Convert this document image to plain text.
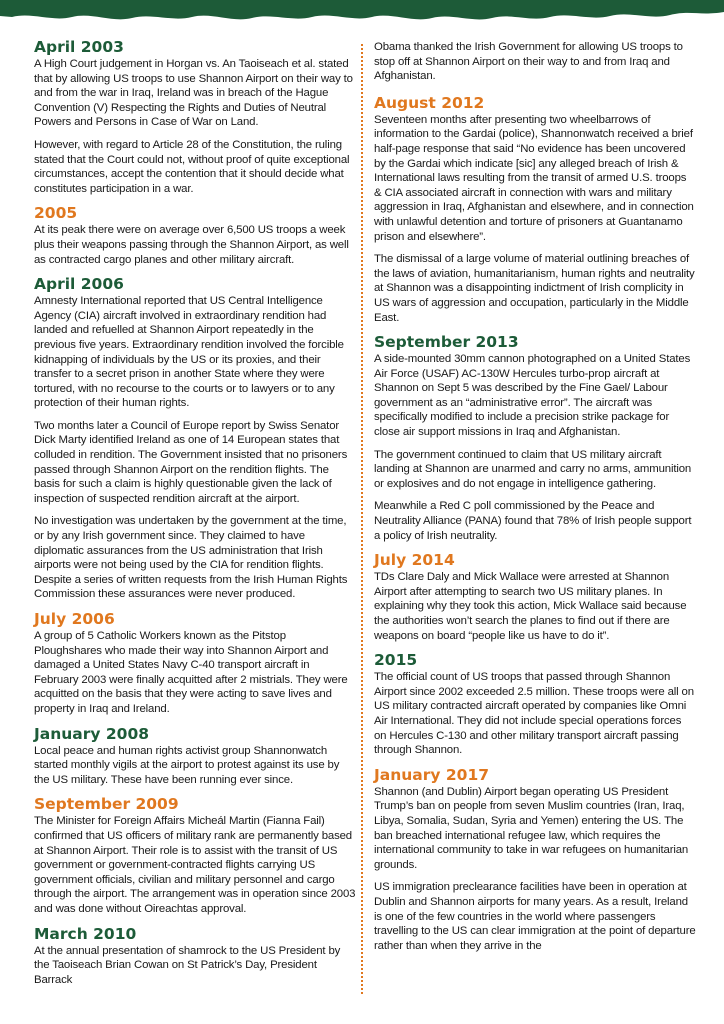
April 2003

A High Court judgement in Horgan vs. An Taoiseach et al. stated that by allowing US troops to use Shannon Airport on their way to and from the war in Iraq, Ireland was in breach of the Hague Convention (V) Respecting the Rights and Duties of Neutral Powers and Persons in Case of War on Land.

However, with regard to Article 28 of the Constitution, the ruling stated that the Court could not, without proof of quite exceptional circumstances, accept the contention that it should decide what constitutes participation in a war.

2005

At its peak there were on average over 6,500 US troops a week plus their weapons passing through the Shannon Airport, as well as contracted cargo planes and other military aircraft.

April 2006

Amnesty International reported that US Central Intelligence Agency (CIA) aircraft involved in extraordinary rendition had landed and refuelled at Shannon Airport repeatedly in the previous five years. Extraordinary rendition involved the forcible kidnapping of individuals by the US or its proxies, and their transfer to a secret prison in another State where they were tortured, with no recourse to the courts or to lawyers or to any protection of their human rights.

Two months later a Council of Europe report by Swiss Senator Dick Marty identified Ireland as one of 14 European states that colluded in rendition. The Government insisted that no prisoners passed through Shannon Airport on the rendition flights. The basis for such a claim is highly questionable given the lack of inspection of suspected rendition aircraft at the airport.

No investigation was undertaken by the government at the time, or by any Irish government since. They claimed to have diplomatic assurances from the US administration that Irish airports were not being used by the CIA for rendition flights. Despite a series of written requests from the Irish Human Rights Commission these assurances were never produced.

July 2006

A group of 5 Catholic Workers known as the Pitstop Ploughshares who made their way into Shannon Airport and damaged a United States Navy C-40 transport aircraft in February 2003 were finally acquitted after 2 mistrials. They were acquitted on the basis that they were acting to save lives and property in Iraq and Ireland.

January 2008

Local peace and human rights activist group Shannonwatch started monthly vigils at the airport to protest against its use by the US military. These have been running ever since.

September 2009

The Minister for Foreign Affairs Micheál Martin (Fianna Fail) confirmed that US officers of military rank are permanently based at Shannon Airport. Their role is to assist with the transit of US government or government-contracted flights carrying US government officials, civilian and military personnel and cargo through the airport. The arrangement was in operation since 2003 and was done without Oireachtas approval.

March 2010

At the annual presentation of shamrock to the US President by the Taoiseach Brian Cowan on St Patrick’s Day, President Barrack

Obama thanked the Irish Government for allowing US troops to stop off at Shannon Airport on their way to and from Iraq and Afghanistan.

August 2012

Seventeen months after presenting two wheelbarrows of information to the Gardai (police), Shannonwatch received a brief half-page response that said “No evidence has been uncovered by the Gardai which indicate [sic] any alleged breach of Irish & International laws resulting from the transit of armed U.S. troops & CIA associated aircraft in connection with wars and military aggression in Iraq, Afghanistan and elsewhere, and in connection with unlawful detention and torture of prisoners at Guantanamo prison and elsewhere”.

The dismissal of a large volume of material outlining breaches of the laws of aviation, humanitarianism, human rights and neutrality at Shannon was a disappointing indictment of Irish complicity in US wars of aggression and occupation, particularly in the Middle East.

September 2013

A side-mounted 30mm cannon photographed on a United States Air Force (USAF) AC-130W Hercules turbo-prop aircraft at Shannon on Sept 5 was described by the Fine Gael/ Labour government as an “administrative error”. The aircraft was specifically modified to include a precision strike package for close air support missions in Iraq and Afghanistan.

The government continued to claim that US military aircraft landing at Shannon are unarmed and carry no arms, ammunition or explosives and do not engage in intelligence gathering.

Meanwhile a Red C poll commissioned by the Peace and Neutrality Alliance (PANA) found that 78% of Irish people support a policy of Irish neutrality.

July 2014

TDs Clare Daly and Mick Wallace were arrested at Shannon Airport after attempting to search two US military planes. In explaining why they took this action, Mick Wallace said because the authorities won’t search the planes to find out if there are weapons on board “people like us have to do it”.

2015

The official count of US troops that passed through Shannon Airport since 2002 exceeded 2.5 million. These troops were all on US military contracted aircraft operated by companies like Omni Air International. They did not include special operations forces on Hercules C-130 and other military transport aircraft passing through Shannon.

January 2017

Shannon (and Dublin) Airport began operating US President Trump’s ban on people from seven Muslim countries (Iran, Iraq, Libya, Somalia, Sudan, Syria and Yemen) entering the US. The ban breached international refugee law, which requires the international community to take in war refugees on humanitarian grounds.

US immigration preclearance facilities have been in operation at Dublin and Shannon airports for many years. As a result, Ireland is one of the few countries in the world where passengers travelling to the US can clear immigration at the point of departure rather than when they arrive in the
